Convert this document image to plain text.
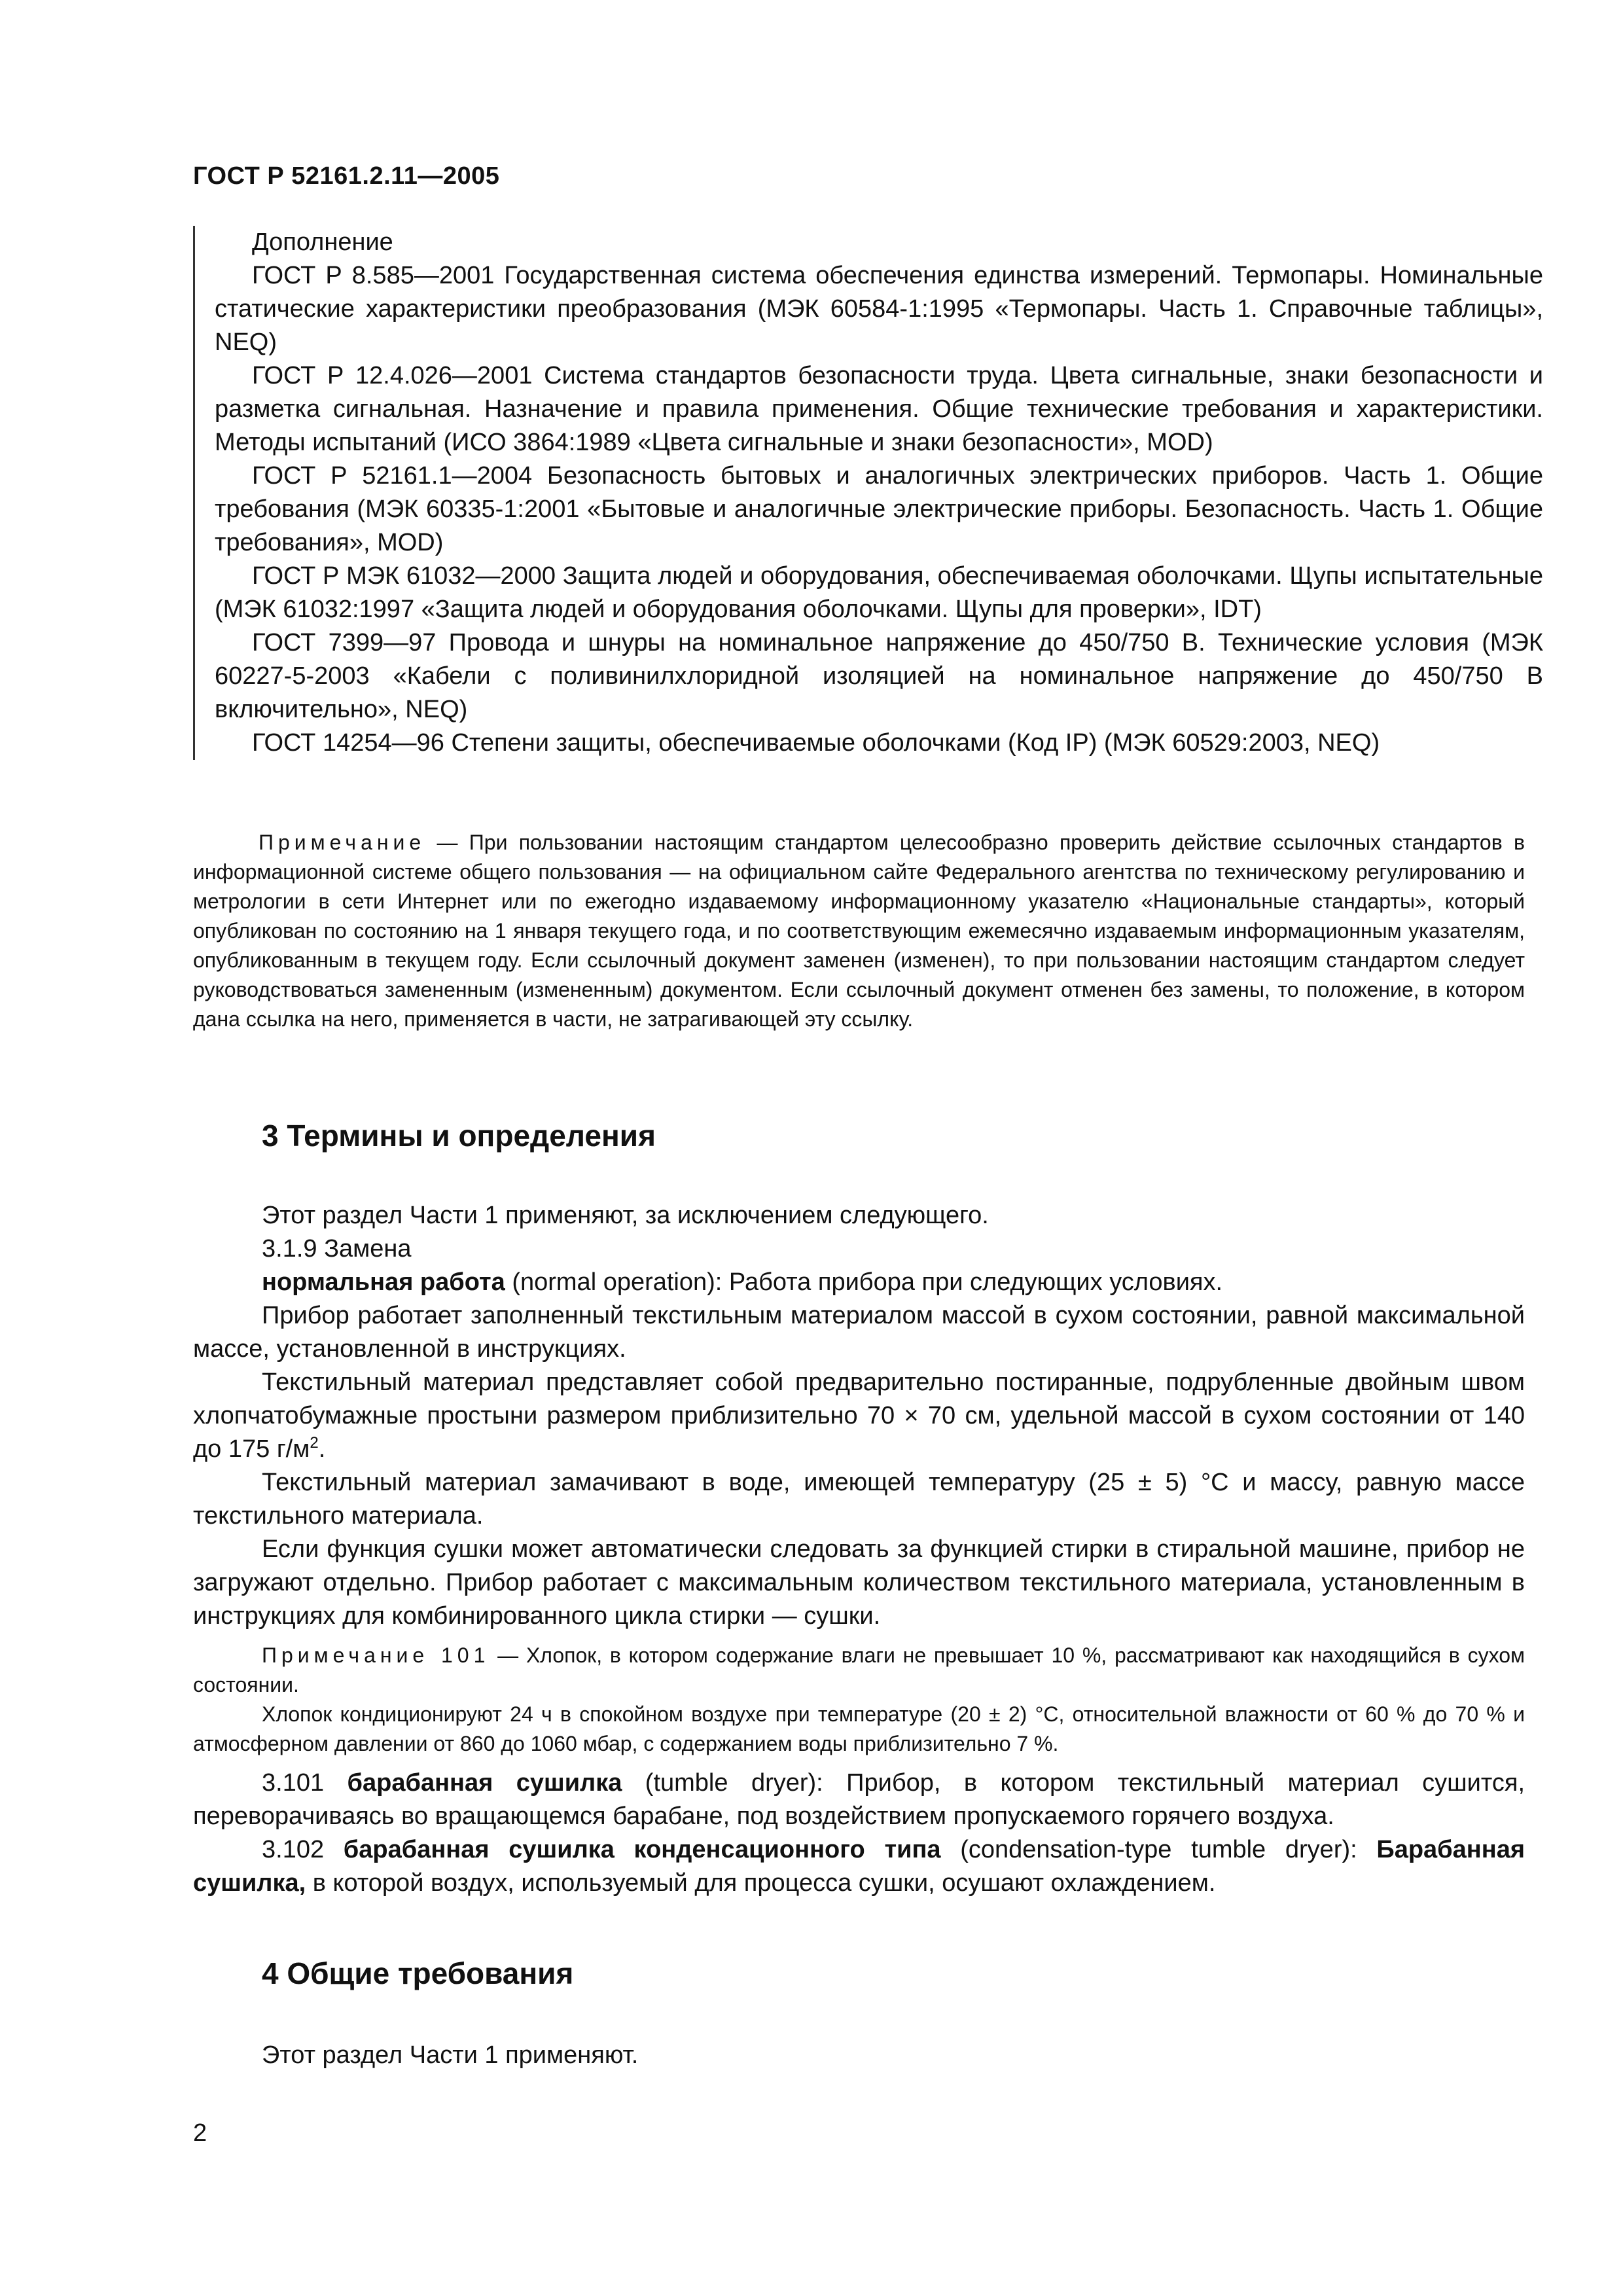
ГОСТ Р 52161.2.11—2005

Дополнение

ГОСТ Р 8.585—2001 Государственная система обеспечения единства измерений. Термопары. Номинальные статические характеристики преобразования (МЭК 60584-1:1995 «Термопары. Часть 1. Справочные таблицы», NEQ)

ГОСТ Р 12.4.026—2001 Система стандартов безопасности труда. Цвета сигнальные, знаки безопасности и разметка сигнальная. Назначение и правила применения. Общие технические требования и характеристики. Методы испытаний (ИСО 3864:1989 «Цвета сигнальные и знаки безопасности», MOD)

ГОСТ Р 52161.1—2004 Безопасность бытовых и аналогичных электрических приборов. Часть 1. Общие требования (МЭК 60335-1:2001 «Бытовые и аналогичные электрические приборы. Безопасность. Часть 1. Общие требования», MOD)

ГОСТ Р МЭК 61032—2000 Защита людей и оборудования, обеспечиваемая оболочками. Щупы испытательные (МЭК 61032:1997 «Защита людей и оборудования оболочками. Щупы для проверки», IDT)

ГОСТ 7399—97 Провода и шнуры на номинальное напряжение до 450/750 В. Технические условия (МЭК 60227-5-2003 «Кабели с поливинилхлоридной изоляцией на номинальное напряжение до 450/750 В включительно», NEQ)

ГОСТ 14254—96 Степени защиты, обеспечиваемые оболочками (Код IP) (МЭК 60529:2003, NEQ)

Примечание — При пользовании настоящим стандартом целесообразно проверить действие ссылочных стандартов в информационной системе общего пользования — на официальном сайте Федерального агентства по техническому регулированию и метрологии в сети Интернет или по ежегодно издаваемому информационному указателю «Национальные стандарты», который опубликован по состоянию на 1 января текущего года, и по соответствующим ежемесячно издаваемым информационным указателям, опубликованным в текущем году. Если ссылочный документ заменен (изменен), то при пользовании настоящим стандартом следует руководствоваться замененным (измененным) документом. Если ссылочный документ отменен без замены, то положение, в котором дана ссылка на него, применяется в части, не затрагивающей эту ссылку.

3 Термины и определения

Этот раздел Части 1 применяют, за исключением следующего.

3.1.9 Замена

нормальная работа (normal operation): Работа прибора при следующих условиях.

Прибор работает заполненный текстильным материалом массой в сухом состоянии, равной максимальной массе, установленной в инструкциях.

Текстильный материал представляет собой предварительно постиранные, подрубленные двойным швом хлопчатобумажные простыни размером приблизительно 70 × 70 см, удельной массой в сухом состоянии от 140 до 175 $г/м^2$.

Текстильный материал замачивают в воде, имеющей температуру (25 ± 5) °С и массу, равную массе текстильного материала.

Если функция сушки может автоматически следовать за функцией стирки в стиральной машине, прибор не загружают отдельно. Прибор работает с максимальным количеством текстильного материала, установленным в инструкциях для комбинированного цикла стирки — сушки.

Примечание 101 — Хлопок, в котором содержание влаги не превышает 10 %, рассматривают как находящийся в сухом состоянии.

Хлопок кондиционируют 24 ч в спокойном воздухе при температуре (20 ± 2) °С, относительной влажности от 60 % до 70 % и атмосферном давлении от 860 до 1060 мбар, с содержанием воды приблизительно 7 %.

3.101 барабанная сушилка (tumble dryer): Прибор, в котором текстильный материал сушится, переворачиваясь во вращающемся барабане, под воздействием пропускаемого горячего воздуха.

3.102 барабанная сушилка конденсационного типа (condensation-type tumble dryer): Барабанная сушилка, в которой воздух, используемый для процесса сушки, осушают охлаждением.

4 Общие требования
Этот раздел Части 1 применяют.
2
